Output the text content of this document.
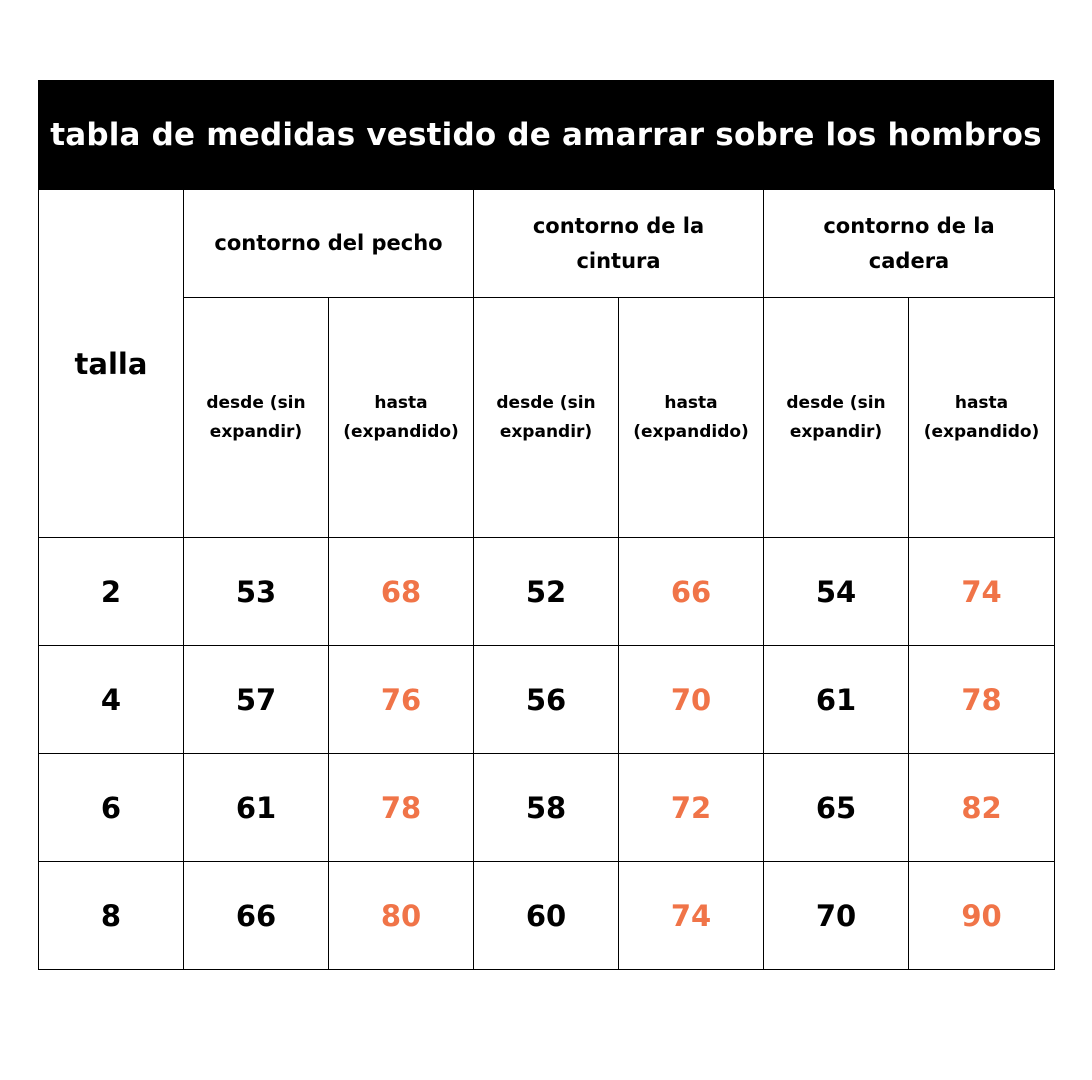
tabla de medidas vestido de amarrar sobre los hombros
talla	contorno del pecho		contorno de la cintura		contorno de la cadera	
	desde (sin expandir)	hasta (expandido)	desde (sin expandir)	hasta (expandido)	desde (sin expandir)	hasta (expandido)
2	53	68	52	66	54	74
4	57	76	56	70	61	78
6	61	78	58	72	65	82
8	66	80	60	74	70	90
